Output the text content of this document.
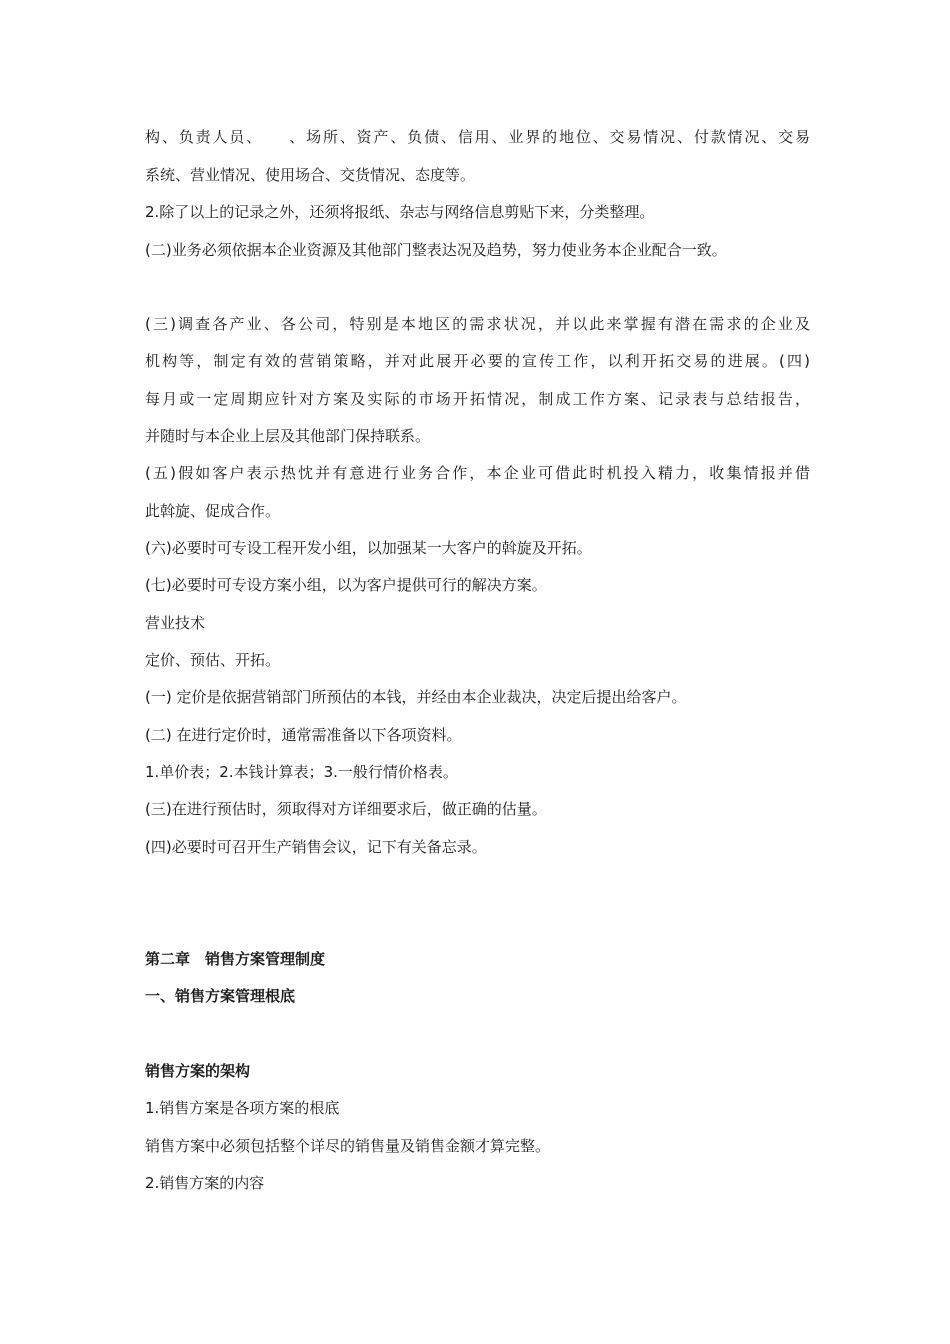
构、负责人员、　　、场所、资产、负债、信用、业界的地位、交易情况、付款情况、交易
系统、营业情况、使用场合、交货情况、态度等。
2.除了以上的记录之外，还须将报纸、杂志与网络信息剪贴下来，分类整理。
(二)业务必须依据本企业资源及其他部门整表达况及趋势，努力使业务本企业配合一致。
(三)调查各产业、各公司，特别是本地区的需求状况，并以此来掌握有潜在需求的企业及
机构等，制定有效的营销策略，并对此展开必要的宣传工作，以利开拓交易的进展。(四)
每月或一定周期应针对方案及实际的市场开拓情况，制成工作方案、记录表与总结报告，
并随时与本企业上层及其他部门保持联系。
(五)假如客户表示热忱并有意进行业务合作，本企业可借此时机投入精力，收集情报并借
此斡旋、促成合作。
(六)必要时可专设工程开发小组，以加强某一大客户的斡旋及开拓。
(七)必要时可专设方案小组，以为客户提供可行的解决方案。
营业技术
定价、预估、开拓。
(一) 定价是依据营销部门所预估的本钱，并经由本企业裁决，决定后提出给客户。
(二) 在进行定价时，通常需准备以下各项资料。
1.单价表；2.本钱计算表；3.一般行情价格表。
(三)在进行预估时，须取得对方详细要求后，做正确的估量。
(四)必要时可召开生产销售会议，记下有关备忘录。
第二章　销售方案管理制度
一、销售方案管理根底
销售方案的架构
1.销售方案是各项方案的根底
销售方案中必须包括整个详尽的销售量及销售金额才算完整。
2.销售方案的内容
